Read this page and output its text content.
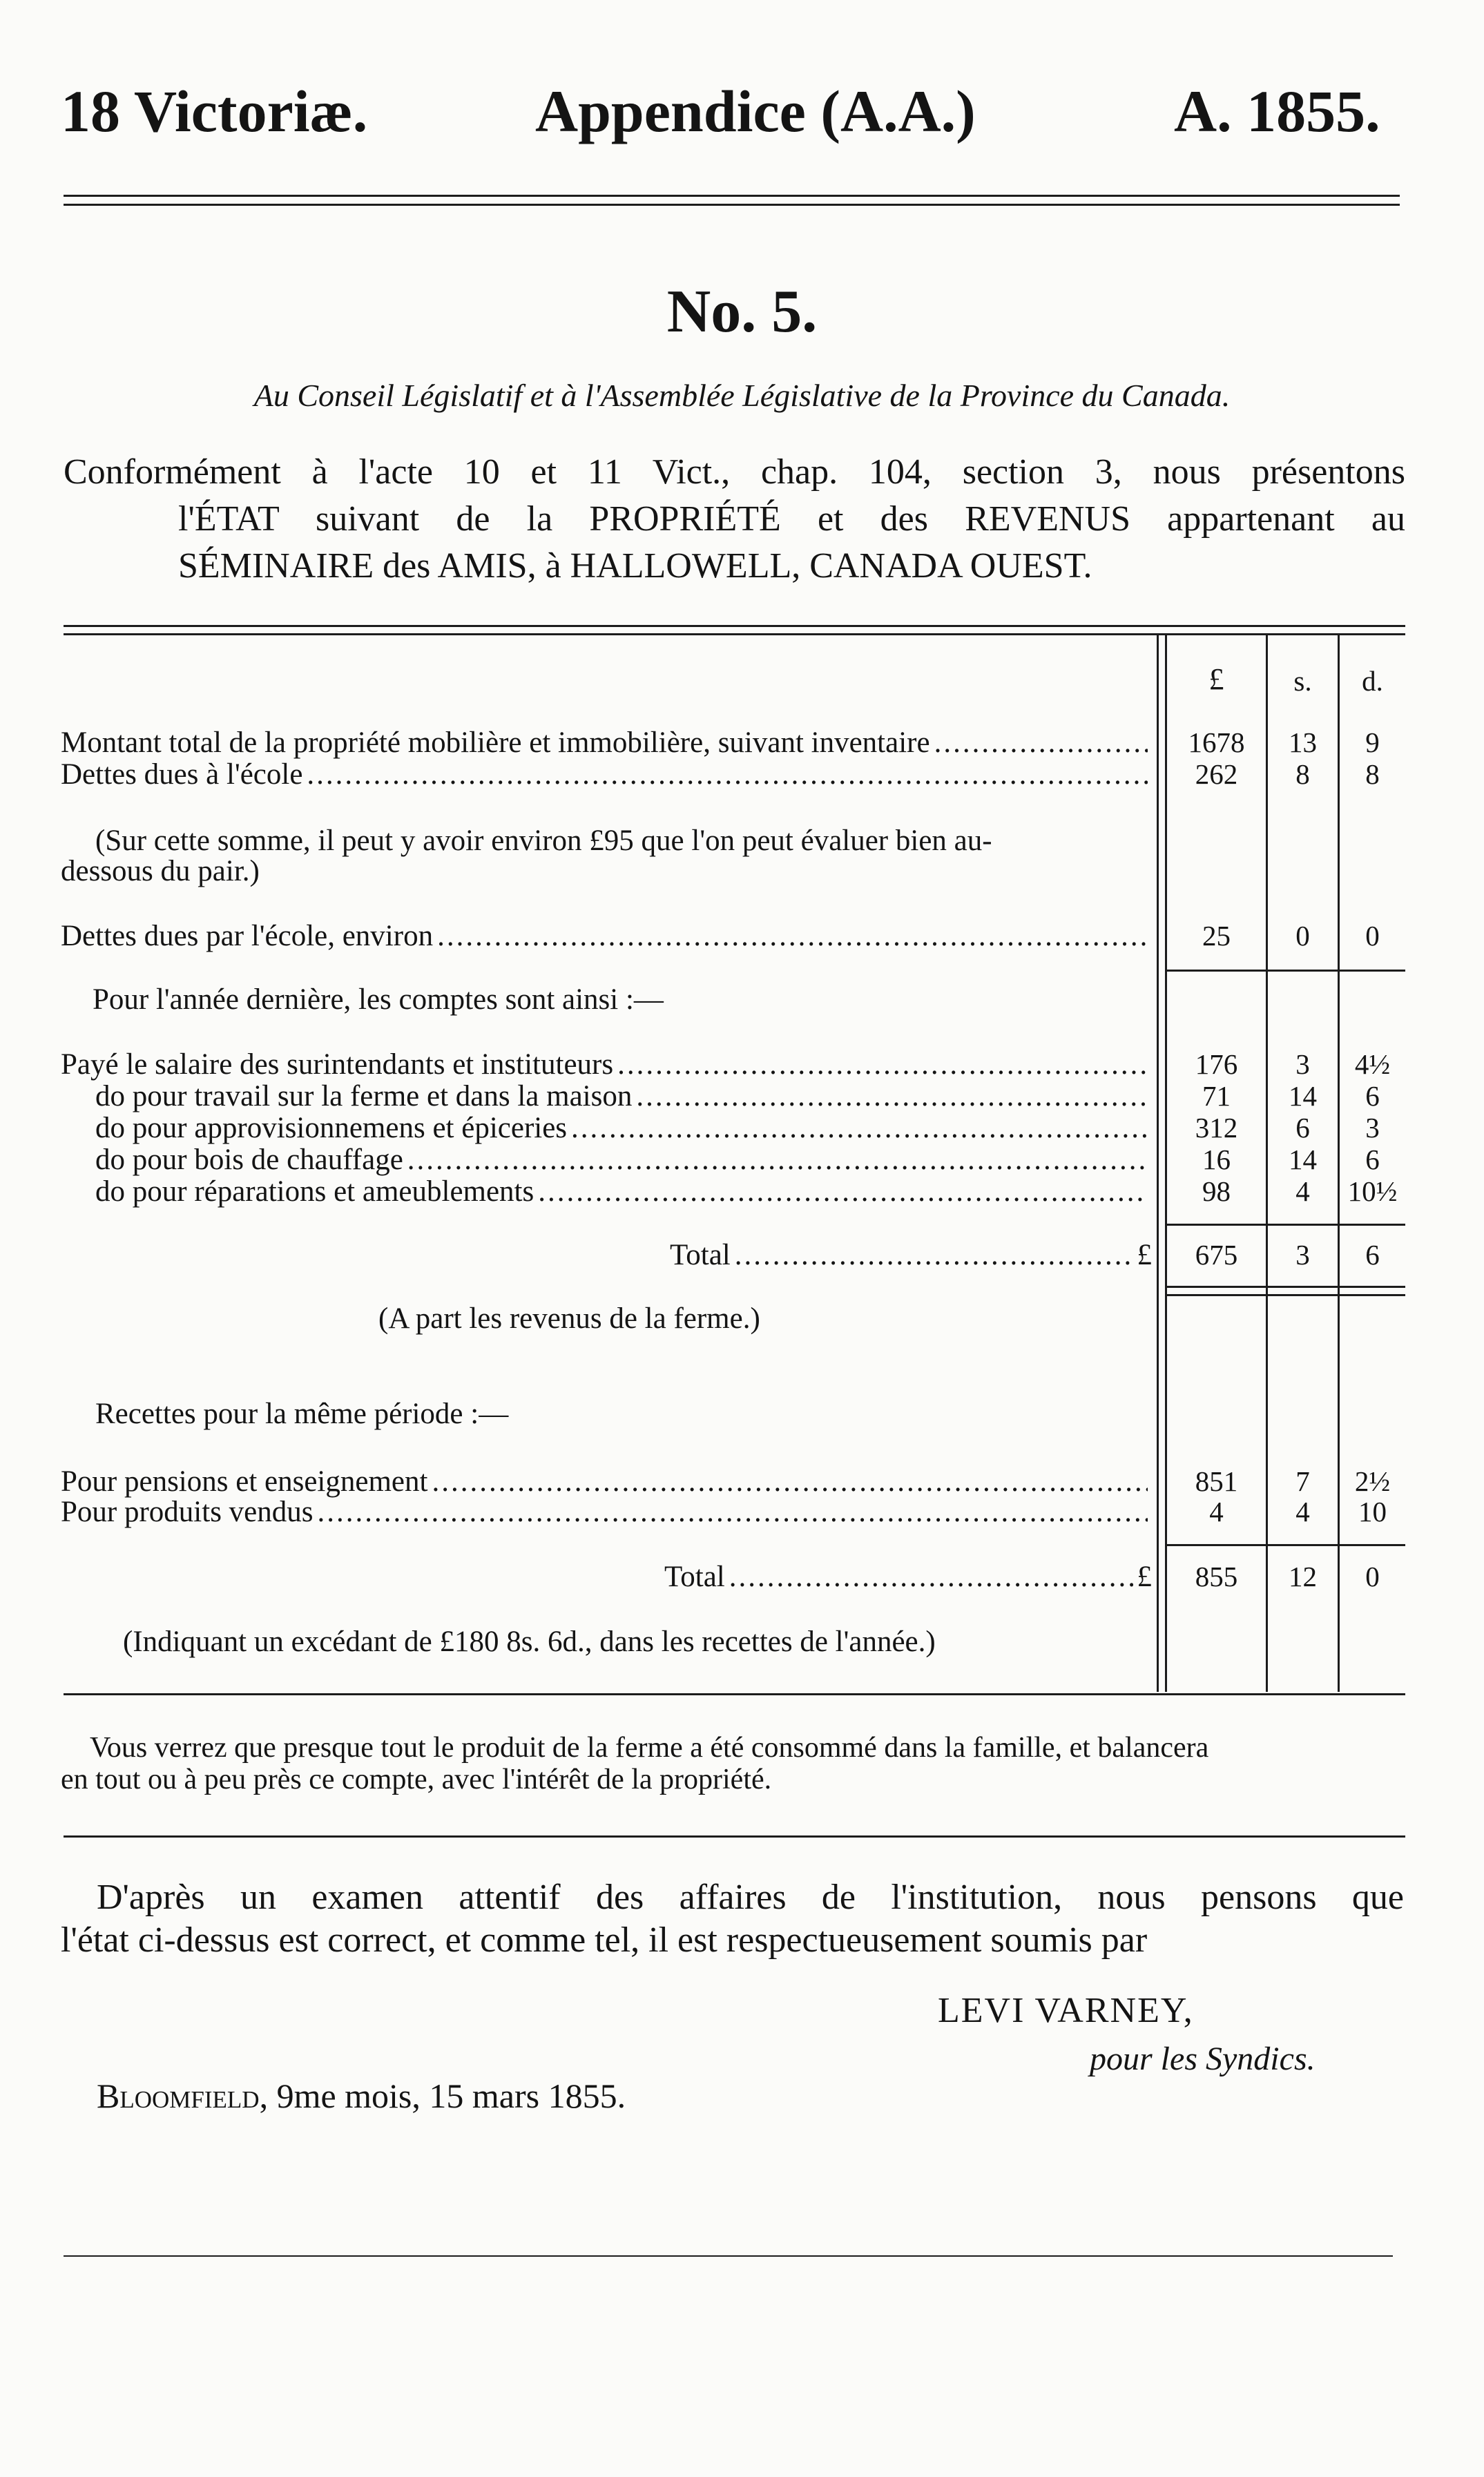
18 Victoriæ.	Appendice (A.A.)	A. 1855.
No. 5.
Au Conseil Législatif et à l'Assemblée Législative de la Province du Canada.
Conformément à l'acte 10 et 11 Vict., chap. 104, section 3, nous présentons
l'ÉTAT suivant de la PROPRIÉTÉ et des REVENUS appartenant au
SÉMINAIRE des AMIS, à HALLOWELL, CANADA OUEST.
£	s.	d.
Montant total de la propriété mobilière et immobilière, suivant inventaire .....	1678	13	9
Dettes dues à l'école .....	262	8	8
(Sur cette somme, il peut y avoir environ £95 que l'on peut évaluer bien au-
dessous du pair.)
Dettes dues par l'école, environ .....	25	0	0
Pour l'année dernière, les comptes sont ainsi :—
Payé le salaire des surintendants et instituteurs .....	176	3	4½
do pour travail sur la ferme et dans la maison .....	71	14	6
do pour approvisionnemens et épiceries .....	312	6	3
do pour bois de chauffage .....	16	14	6
do pour réparations et ameublements .....	98	4	10½
Total .....	£	675	3	6
(A part les revenus de la ferme.)
Recettes pour la même période :—
Pour pensions et enseignement .....	851	7	2½
Pour produits vendus .....	4	4	10
Total .....	£	855	12	0
(Indiquant un excédant de £180 8s. 6d., dans les recettes de l'année.)
Vous verrez que presque tout le produit de la ferme a été consommé dans la famille, et balancera
en tout ou à peu près ce compte, avec l'intérêt de la propriété.
D'après un examen attentif des affaires de l'institution, nous pensons que
l'état ci-dessus est correct, et comme tel, il est respectueusement soumis par
LEVI VARNEY,
pour les Syndics.
Bloomfield, 9me mois, 15 mars 1855.
